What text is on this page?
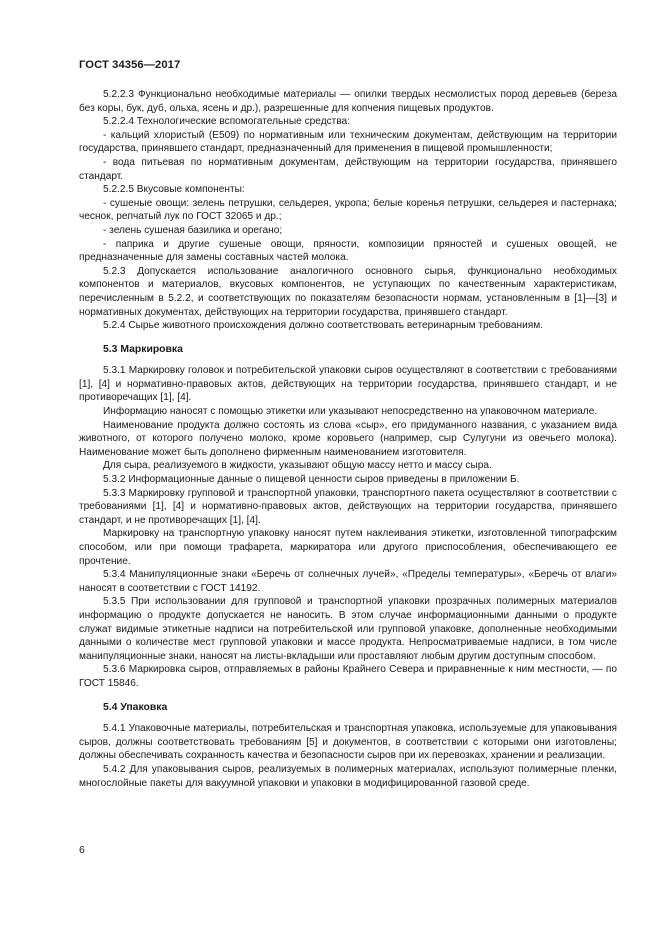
ГОСТ 34356—2017

5.2.2.3 Функционально необходимые материалы — опилки твердых несмолистых пород деревьев (береза без коры, бук, дуб, ольха, ясень и др.), разрешенные для копчения пищевых продуктов.

5.2.2.4 Технологические вспомогательные средства:

- кальций хлористый (Е509) по нормативным или техническим документам, действующим на территории государства, принявшего стандарт, предназначенный для применения в пищевой промышленности;

- вода питьевая по нормативным документам, действующим на территории государства, принявшего стандарт.

5.2.2.5 Вкусовые компоненты:

- сушеные овощи: зелень петрушки, сельдерея, укропа; белые коренья петрушки, сельдерея и пастернака; чеснок, репчатый лук по ГОСТ 32065 и др.;

- зелень сушеная базилика и орегано;

- паприка и другие сушеные овощи, пряности, композиции пряностей и сушеных овощей, не предназначенные для замены составных частей молока.

5.2.3 Допускается использование аналогичного основного сырья, функционально необходимых компонентов и материалов, вкусовых компонентов, не уступающих по качественным характеристикам, перечисленным в 5.2.2, и соответствующих по показателям безопасности нормам, установленным в [1]—[3] и нормативных документах, действующих на территории государства, принявшего стандарт.

5.2.4 Сырье животного происхождения должно соответствовать ветеринарным требованиям.

5.3 Маркировка

5.3.1 Маркировку головок и потребительской упаковки сыров осуществляют в соответствии с требованиями [1], [4] и нормативно-правовых актов, действующих на территории государства, принявшего стандарт, и не противоречащих [1], [4].

Информацию наносят с помощью этикетки или указывают непосредственно на упаковочном материале.

Наименование продукта должно состоять из слова «сыр», его придуманного названия, с указанием вида животного, от которого получено молоко, кроме коровьего (например, сыр Сулугуни из овечьего молока). Наименование может быть дополнено фирменным наименованием изготовителя.

Для сыра, реализуемого в жидкости, указывают общую массу нетто и массу сыра.

5.3.2 Информационные данные о пищевой ценности сыров приведены в приложении Б.

5.3.3 Маркировку групповой и транспортной упаковки, транспортного пакета осуществляют в соответствии с требованиями [1], [4] и нормативно-правовых актов, действующих на территории государства, принявшего стандарт, и не противоречащих [1], [4].

Маркировку на транспортную упаковку наносят путем наклеивания этикетки, изготовленной типографским способом, или при помощи трафарета, маркиратора или другого приспособления, обеспечивающего ее прочтение.

5.3.4 Манипуляционные знаки «Беречь от солнечных лучей», «Пределы температуры», «Беречь от влаги» наносят в соответствии с ГОСТ 14192.

5.3.5 При использовании для групповой и транспортной упаковки прозрачных полимерных материалов информацию о продукте допускается не наносить. В этом случае информационными данными о продукте служат видимые этикетные надписи на потребительской или групповой упаковке, дополненные необходимыми данными о количестве мест групповой упаковки и массе продукта. Непросматриваемые надписи, в том числе манипуляционные знаки, наносят на листы-вкладыши или проставляют любым другим доступным способом.

5.3.6 Маркировка сыров, отправляемых в районы Крайнего Севера и приравненные к ним местности, — по ГОСТ 15846.

5.4 Упаковка

5.4.1 Упаковочные материалы, потребительская и транспортная упаковка, используемые для упаковывания сыров, должны соответствовать требованиям [5] и документов, в соответствии с которыми они изготовлены; должны обеспечивать сохранность качества и безопасности сыров при их перевозках, хранении и реализации.

5.4.2 Для упаковывания сыров, реализуемых в полимерных материалах, используют полимерные пленки, многослойные пакеты для вакуумной упаковки и упаковки в модифицированной газовой среде.

6
